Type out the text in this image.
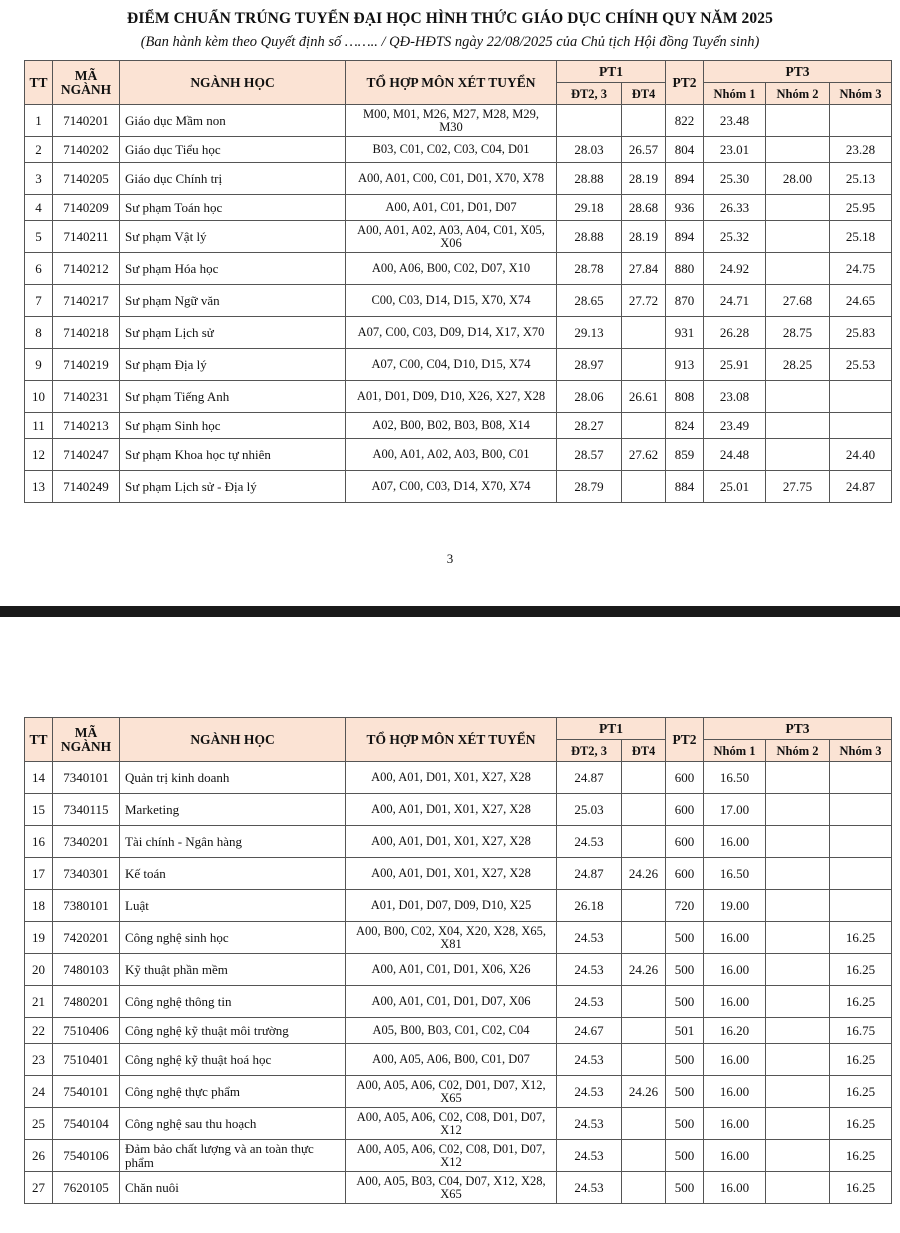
ĐIỂM CHUẨN TRÚNG TUYỂN ĐẠI HỌC HÌNH THỨC GIÁO DỤC CHÍNH QUY NĂM 2025
(Ban hành kèm theo Quyết định số …….. / QĐ-HĐTS ngày 22/08/2025 của Chủ tịch Hội đồng Tuyển sinh)
TT	MÃ
NGÀNH	NGÀNH HỌC	TỔ HỢP MÔN XÉT TUYỂN	PT1		PT2	PT3		
				ĐT2, 3	ĐT4		Nhóm 1	Nhóm 2	Nhóm 3
1	7140201	Giáo dục Mầm non	M00, M01, M26, M27, M28, M29, M30			822	23.48		
2	7140202	Giáo dục Tiểu học	B03, C01, C02, C03, C04, D01	28.03	26.57	804	23.01		23.28
3	7140205	Giáo dục Chính trị	A00, A01, C00, C01, D01, X70, X78	28.88	28.19	894	25.30	28.00	25.13
4	7140209	Sư phạm Toán học	A00, A01, C01, D01, D07	29.18	28.68	936	26.33		25.95
5	7140211	Sư phạm Vật lý	A00, A01, A02, A03, A04, C01, X05, X06	28.88	28.19	894	25.32		25.18
6	7140212	Sư phạm Hóa học	A00, A06, B00, C02, D07, X10	28.78	27.84	880	24.92		24.75
7	7140217	Sư phạm Ngữ văn	C00, C03, D14, D15, X70, X74	28.65	27.72	870	24.71	27.68	24.65
8	7140218	Sư phạm Lịch sử	A07, C00, C03, D09, D14, X17, X70	29.13		931	26.28	28.75	25.83
9	7140219	Sư phạm Địa lý	A07, C00, C04, D10, D15, X74	28.97		913	25.91	28.25	25.53
10	7140231	Sư phạm Tiếng Anh	A01, D01, D09, D10, X26, X27, X28	28.06	26.61	808	23.08		
11	7140213	Sư phạm Sinh học	A02, B00, B02, B03, B08, X14	28.27		824	23.49		
12	7140247	Sư phạm Khoa học tự nhiên	A00, A01, A02, A03, B00, C01	28.57	27.62	859	24.48		24.40
13	7140249	Sư phạm Lịch sử - Địa lý	A07, C00, C03, D14, X70, X74	28.79		884	25.01	27.75	24.87
3
TT	MÃ
NGÀNH	NGÀNH HỌC	TỔ HỢP MÔN XÉT TUYỂN	PT1		PT2	PT3		
				ĐT2, 3	ĐT4		Nhóm 1	Nhóm 2	Nhóm 3
14	7340101	Quản trị kinh doanh	A00, A01, D01, X01, X27, X28	24.87		600	16.50		
15	7340115	Marketing	A00, A01, D01, X01, X27, X28	25.03		600	17.00		
16	7340201	Tài chính - Ngân hàng	A00, A01, D01, X01, X27, X28	24.53		600	16.00		
17	7340301	Kế toán	A00, A01, D01, X01, X27, X28	24.87	24.26	600	16.50		
18	7380101	Luật	A01, D01, D07, D09, D10, X25	26.18		720	19.00		
19	7420201	Công nghệ sinh học	A00, B00, C02, X04, X20, X28, X65, X81	24.53		500	16.00		16.25
20	7480103	Kỹ thuật phần mềm	A00, A01, C01, D01, X06, X26	24.53	24.26	500	16.00		16.25
21	7480201	Công nghệ thông tin	A00, A01, C01, D01, D07, X06	24.53		500	16.00		16.25
22	7510406	Công nghệ kỹ thuật môi trường	A05, B00, B03, C01, C02, C04	24.67		501	16.20		16.75
23	7510401	Công nghệ kỹ thuật hoá học	A00, A05, A06, B00, C01, D07	24.53		500	16.00		16.25
24	7540101	Công nghệ thực phẩm	A00, A05, A06, C02, D01, D07, X12, X65	24.53	24.26	500	16.00		16.25
25	7540104	Công nghệ sau thu hoạch	A00, A05, A06, C02, C08, D01, D07, X12	24.53		500	16.00		16.25
26	7540106	Đảm bảo chất lượng và an toàn thực phẩm	A00, A05, A06, C02, C08, D01, D07, X12	24.53		500	16.00		16.25
27	7620105	Chăn nuôi	A00, A05, B03, C04, D07, X12, X28, X65	24.53		500	16.00		16.25
